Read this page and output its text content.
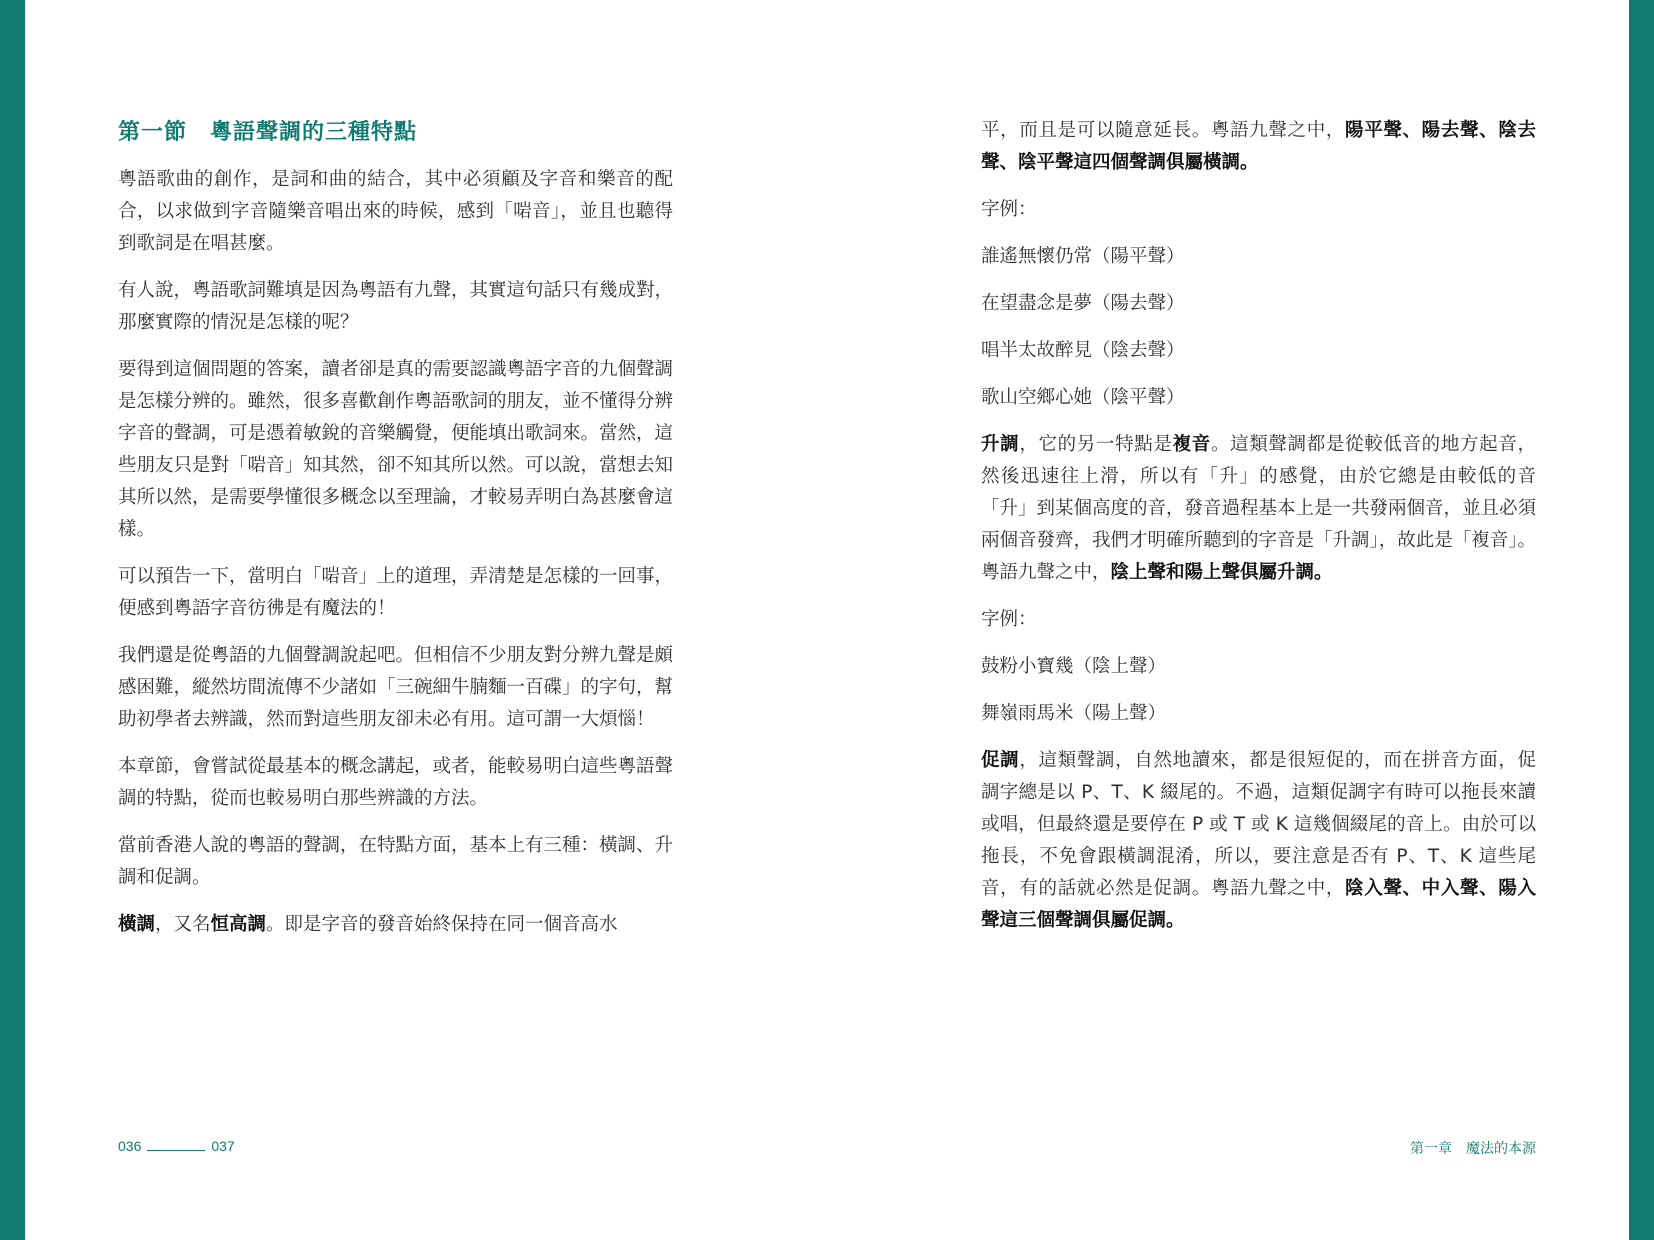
第一節　粵語聲調的三種特點

粵語歌曲的創作，是詞和曲的結合，其中必須顧及字音和樂音的配合，以求做到字音隨樂音唱出來的時候，感到「啱音」，並且也聽得到歌詞是在唱甚麼。

有人說，粵語歌詞難填是因為粵語有九聲，其實這句話只有幾成對，那麼實際的情況是怎樣的呢？

要得到這個問題的答案，讀者卻是真的需要認識粵語字音的九個聲調是怎樣分辨的。雖然，很多喜歡創作粵語歌詞的朋友，並不懂得分辨字音的聲調，可是憑着敏銳的音樂觸覺，便能填出歌詞來。當然，這些朋友只是對「啱音」知其然，卻不知其所以然。可以說，當想去知其所以然，是需要學懂很多概念以至理論，才較易弄明白為甚麼會這樣。

可以預告一下，當明白「啱音」上的道理，弄清楚是怎樣的一回事，便感到粵語字音彷彿是有魔法的！

我們還是從粵語的九個聲調說起吧。但相信不少朋友對分辨九聲是頗感困難，縱然坊間流傳不少諸如「三碗細牛腩麵一百碟」的字句，幫助初學者去辨識，然而對這些朋友卻未必有用。這可謂一大煩惱！

本章節，會嘗試從最基本的概念講起，或者，能較易明白這些粵語聲調的特點，從而也較易明白那些辨識的方法。

當前香港人說的粵語的聲調，在特點方面，基本上有三種：橫調、升調和促調。

橫調，又名恒高調。即是字音的發音始終保持在同一個音高水

平，而且是可以隨意延長。粵語九聲之中，陽平聲、陽去聲、陰去聲、陰平聲這四個聲調俱屬橫調。

字例：

誰遙無懷仍常（陽平聲）

在望盡念是夢（陽去聲）

唱半太故醉見（陰去聲）

歌山空鄉心她（陰平聲）

升調，它的另一特點是複音。這類聲調都是從較低音的地方起音，然後迅速往上滑，所以有「升」的感覺，由於它總是由較低的音「升」到某個高度的音，發音過程基本上是一共發兩個音，並且必須兩個音發齊，我們才明確所聽到的字音是「升調」，故此是「複音」。粵語九聲之中，陰上聲和陽上聲俱屬升調。

字例：

鼓粉小寶幾（陰上聲）

舞嶺雨馬米（陽上聲）

促調，這類聲調，自然地讀來，都是很短促的，而在拼音方面，促調字總是以 P、T、K 綴尾的。不過，這類促調字有時可以拖長來讀或唱，但最終還是要停在 P 或 T 或 K 這幾個綴尾的音上。由於可以拖長，不免會跟橫調混淆，所以，要注意是否有 P、T、K 這些尾音，有的話就必然是促調。粵語九聲之中，陰入聲、中入聲、陽入聲這三個聲調俱屬促調。

036	037	第一章　魔法的本源
